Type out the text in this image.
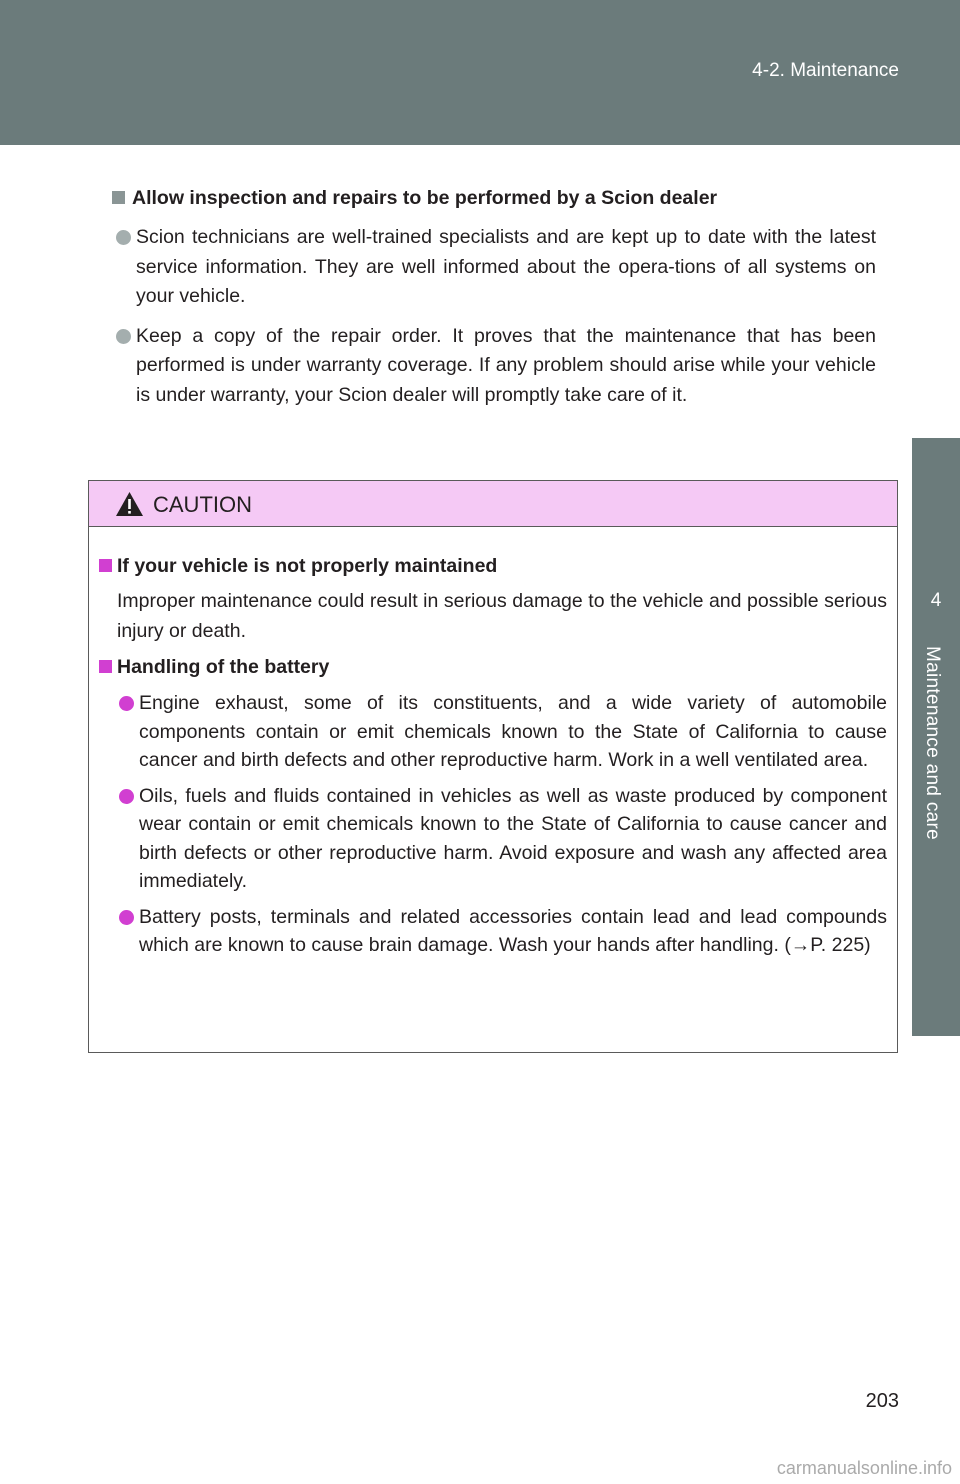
4-2. Maintenance
4
Maintenance and care
Allow inspection and repairs to be performed by a Scion dealer
Scion technicians are well-trained specialists and are kept up to date with the latest service information. They are well informed about the opera-tions of all systems on your vehicle.
Keep a copy of the repair order. It proves that the maintenance that has been performed is under warranty coverage. If any problem should arise while your vehicle is under warranty, your Scion dealer will promptly take care of it.
CAUTION
If your vehicle is not properly maintained
Improper maintenance could result in serious damage to the vehicle and possible serious injury or death.
Handling of the battery
Engine exhaust, some of its constituents, and a wide variety of automobile components contain or emit chemicals known to the State of California to cause cancer and birth defects and other reproductive harm. Work in a well ventilated area.
Oils, fuels and fluids contained in vehicles as well as waste produced by component wear contain or emit chemicals known to the State of California to cause cancer and birth defects or other reproductive harm. Avoid exposure and wash any affected area immediately.
Battery posts, terminals and related accessories contain lead and lead compounds which are known to cause brain damage. Wash your hands after handling. (→P. 225)
203
carmanualsonline.info
